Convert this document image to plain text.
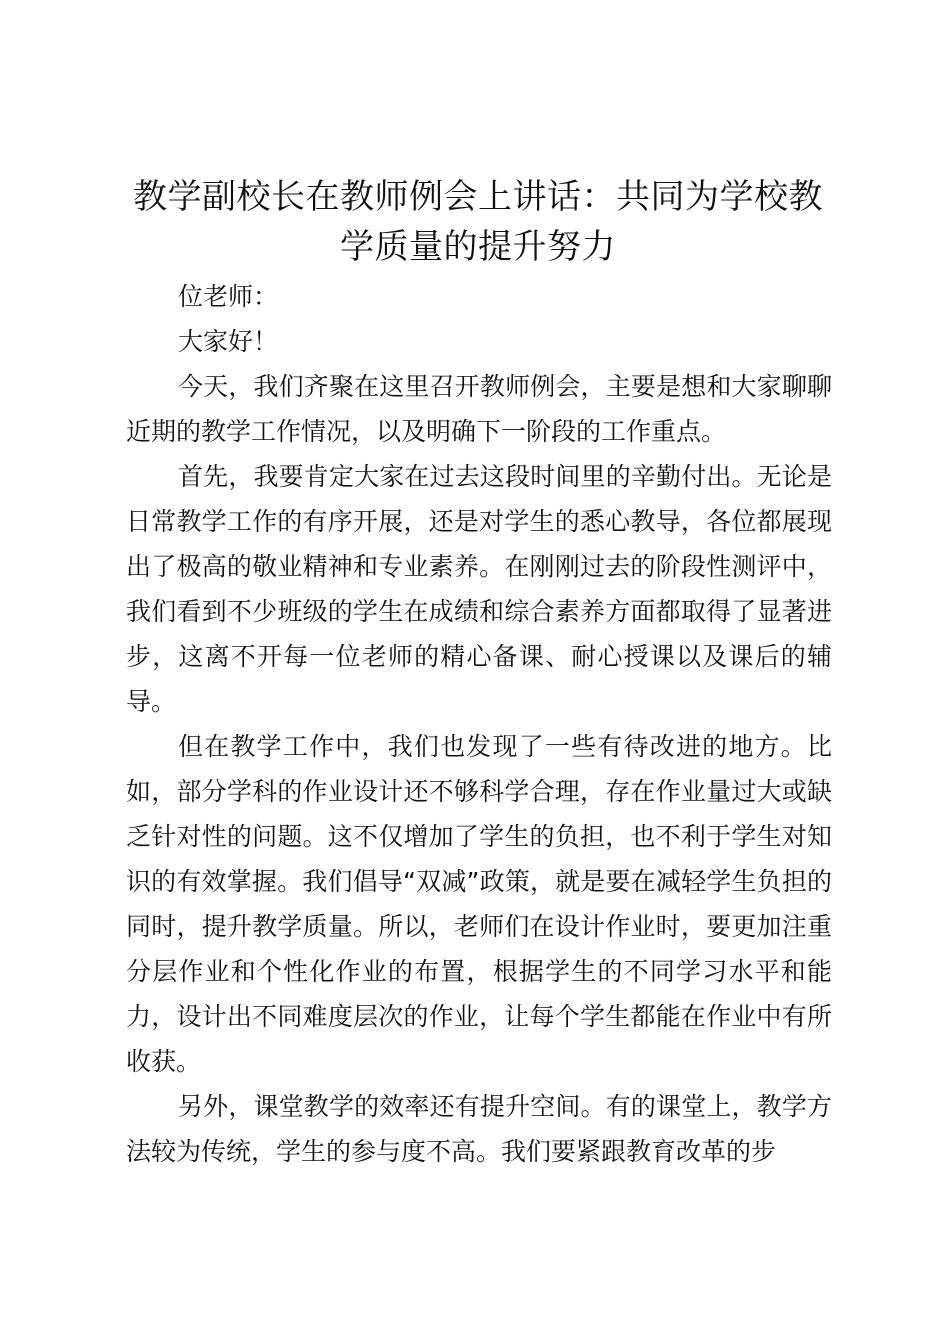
教学副校长在教师例会上讲话：共同为学校教学质量的提升努力

位老师：

大家好！

今天，我们齐聚在这里召开教师例会，主要是想和大家聊聊近期的教学工作情况，以及明确下一阶段的工作重点。

首先，我要肯定大家在过去这段时间里的辛勤付出。无论是日常教学工作的有序开展，还是对学生的悉心教导，各位都展现出了极高的敬业精神和专业素养。在刚刚过去的阶段性测评中，我们看到不少班级的学生在成绩和综合素养方面都取得了显著进步，这离不开每一位老师的精心备课、耐心授课以及课后的辅导。

但在教学工作中，我们也发现了一些有待改进的地方。比如，部分学科的作业设计还不够科学合理，存在作业量过大或缺乏针对性的问题。这不仅增加了学生的负担，也不利于学生对知识的有效掌握。我们倡导“双减”政策，就是要在减轻学生负担的同时，提升教学质量。所以，老师们在设计作业时，要更加注重分层作业和个性化作业的布置，根据学生的不同学习水平和能力，设计出不同难度层次的作业，让每个学生都能在作业中有所收获。

另外，课堂教学的效率还有提升空间。有的课堂上，教学方法较为传统，学生的参与度不高。我们要紧跟教育改革的步
